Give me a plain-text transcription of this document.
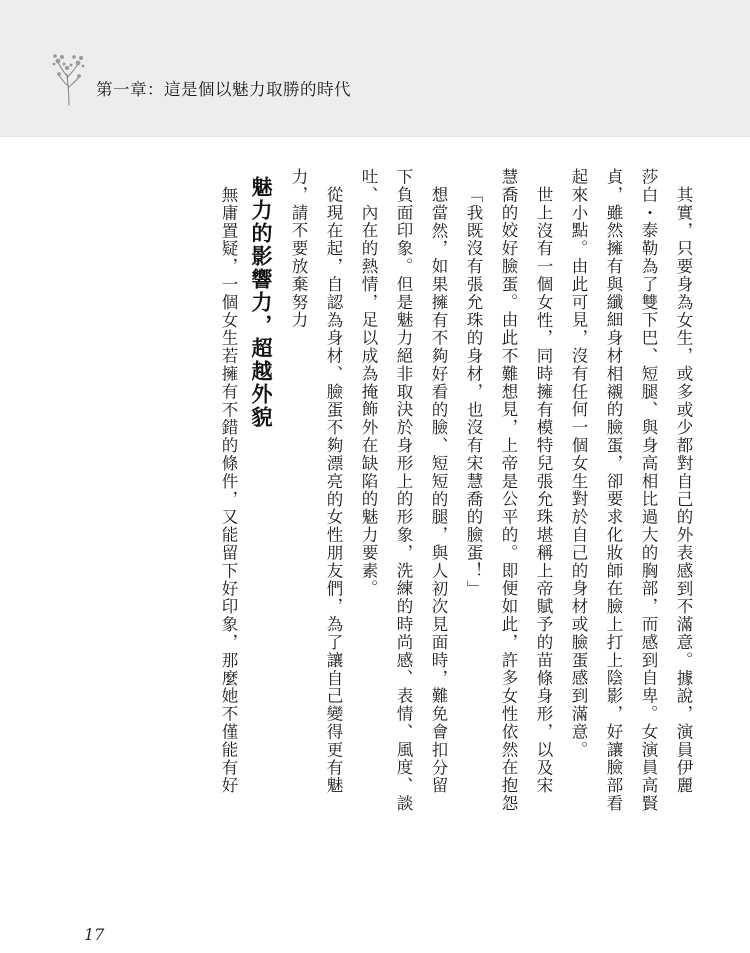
第一章：這是個以魅力取勝的時代
其實，只要身為女生，或多或少都對自己的外表感到不滿意。據說，演員伊麗
莎白・泰勒為了雙下巴、短腿、與身高相比過大的胸部，而感到自卑。女演員高賢
貞，雖然擁有與纖細身材相襯的臉蛋，卻要求化妝師在臉上打上陰影，好讓臉部看
起來小點。由此可見，沒有任何一個女生對於自己的身材或臉蛋感到滿意。
世上沒有一個女性，同時擁有模特兒張允珠堪稱上帝賦予的苗條身形，以及宋
慧喬的姣好臉蛋。由此不難想見，上帝是公平的。即便如此，許多女性依然在抱怨
「我既沒有張允珠的身材，也沒有宋慧喬的臉蛋！」
想當然，如果擁有不夠好看的臉、短短的腿，與人初次見面時，難免會扣分留
下負面印象。但是魅力絕非取決於身形上的形象，洗練的時尚感、表情、風度、談
吐、內在的熱情，足以成為掩飾外在缺陷的魅力要素。
從現在起，自認為身材、臉蛋不夠漂亮的女性朋友們，為了讓自己變得更有魅
力，請不要放棄努力
魅力的影響力，超越外貌
無庸置疑，一個女生若擁有不錯的條件，又能留下好印象，那麼她不僅能有好
17
